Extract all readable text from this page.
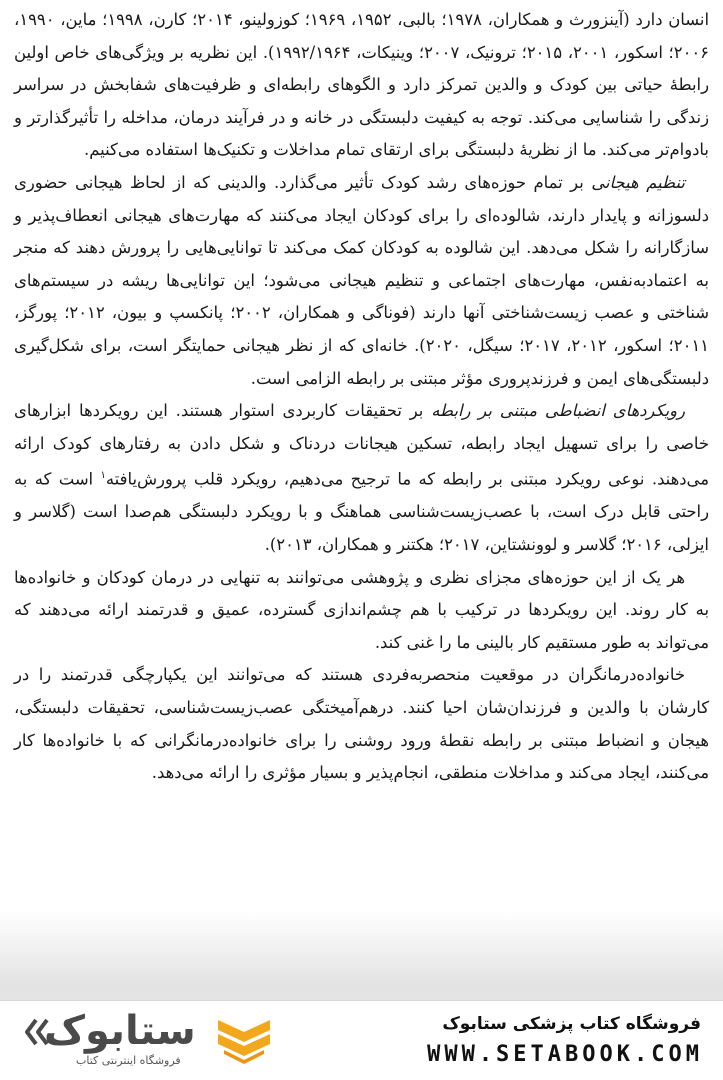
انسان دارد (آینزورث و همکاران، ۱۹۷۸؛ بالبی، ۱۹۵۲، ۱۹۶۹؛ کوزولینو، ۲۰۱۴؛ کارن، ۱۹۹۸؛ ماین، ۱۹۹۰، ۲۰۰۶؛ اسکور، ۲۰۰۱، ۲۰۱۵؛ ترونیک، ۲۰۰۷؛ وینیکات، ۱۹۹۲/۱۹۶۴). این نظریه بر ویژگی‌های خاص اولین رابطهٔ حیاتی بین کودک و والدین تمرکز دارد و الگوهای رابطه‌ای و ظرفیت‌های شفابخش در سراسر زندگی را شناسایی می‌کند. توجه به کیفیت دلبستگی در خانه و در فرآیند درمان، مداخله را تأثیرگذارتر و بادوام‌تر می‌کند. ما از نظریهٔ دلبستگی برای ارتقای تمام مداخلات و تکنیک‌ها استفاده می‌کنیم.

تنظیم هیجانی بر تمام حوزه‌های رشد کودک تأثیر می‌گذارد. والدینی که از لحاظ هیجانی حضوری دلسوزانه و پایدار دارند، شالوده‌ای را برای کودکان ایجاد می‌کنند که مهارت‌های هیجانی انعطاف‌پذیر و سازگارانه را شکل می‌دهد. این شالوده به کودکان کمک می‌کند تا توانایی‌هایی را پرورش دهند که منجر به اعتمادبه‌نفس، مهارت‌های اجتماعی و تنظیم هیجانی می‌شود؛ این توانایی‌ها ریشه در سیستم‌های شناختی و عصب زیست‌شناختی آنها دارند (فوناگی و همکاران، ۲۰۰۲؛ پانکسپ و بیون، ۲۰۱۲؛ پورگز، ۲۰۱۱؛ اسکور، ۲۰۱۲، ۲۰۱۷؛ سیگل، ۲۰۲۰). خانه‌ای که از نظر هیجانی حمایتگر است، برای شکل‌گیری دلبستگی‌های ایمن و فرزندپروری مؤثر مبتنی بر رابطه الزامی است.

رویکردهای انضباطی مبتنی بر رابطه بر تحقیقات کاربردی استوار هستند. این رویکردها ابزارهای خاصی را برای تسهیل ایجاد رابطه، تسکین هیجانات دردناک و شکل دادن به رفتارهای کودک ارائه می‌دهند. نوعی رویکرد مبتنی بر رابطه که ما ترجیح می‌دهیم، رویکرد قلب پرورش‌یافته$^۱$ است که به راحتی قابل درک است، با عصب‌زیست‌شناسی هماهنگ و با رویکرد دلبستگی هم‌صدا است (گلاسر و ایزلی، ۲۰۱۶؛ گلاسر و لوونشتاین، ۲۰۱۷؛ هکتنر و همکاران، ۲۰۱۳).

هر یک از این حوزه‌های مجزای نظری و پژوهشی می‌توانند به تنهایی در درمان کودکان و خانواده‌ها به کار روند. این رویکردها در ترکیب با هم چشم‌اندازی گسترده، عمیق و قدرتمند ارائه می‌دهند که می‌تواند به طور مستقیم کار بالینی ما را غنی کند.

خانواده‌درمانگران در موقعیت منحصربه‌فردی هستند که می‌توانند این یکپارچگی قدرتمند را در کارشان با والدین و فرزندان‌شان احیا کنند. درهم‌آمیختگی عصب‌زیست‌شناسی، تحقیقات دلبستگی، هیجان و انضباط مبتنی بر رابطه نقطهٔ ورود روشنی را برای خانواده‌درمانگرانی که با خانواده‌ها کار می‌کنند، ایجاد می‌کند و مداخلات منطقی، انجام‌پذیر و بسیار مؤثری را ارائه می‌دهد.

فروشگاه کتاب پزشکی ستابوک
WWW.SETABOOK.COM
ستابوک
فروشگاه اینترنتی کتاب
